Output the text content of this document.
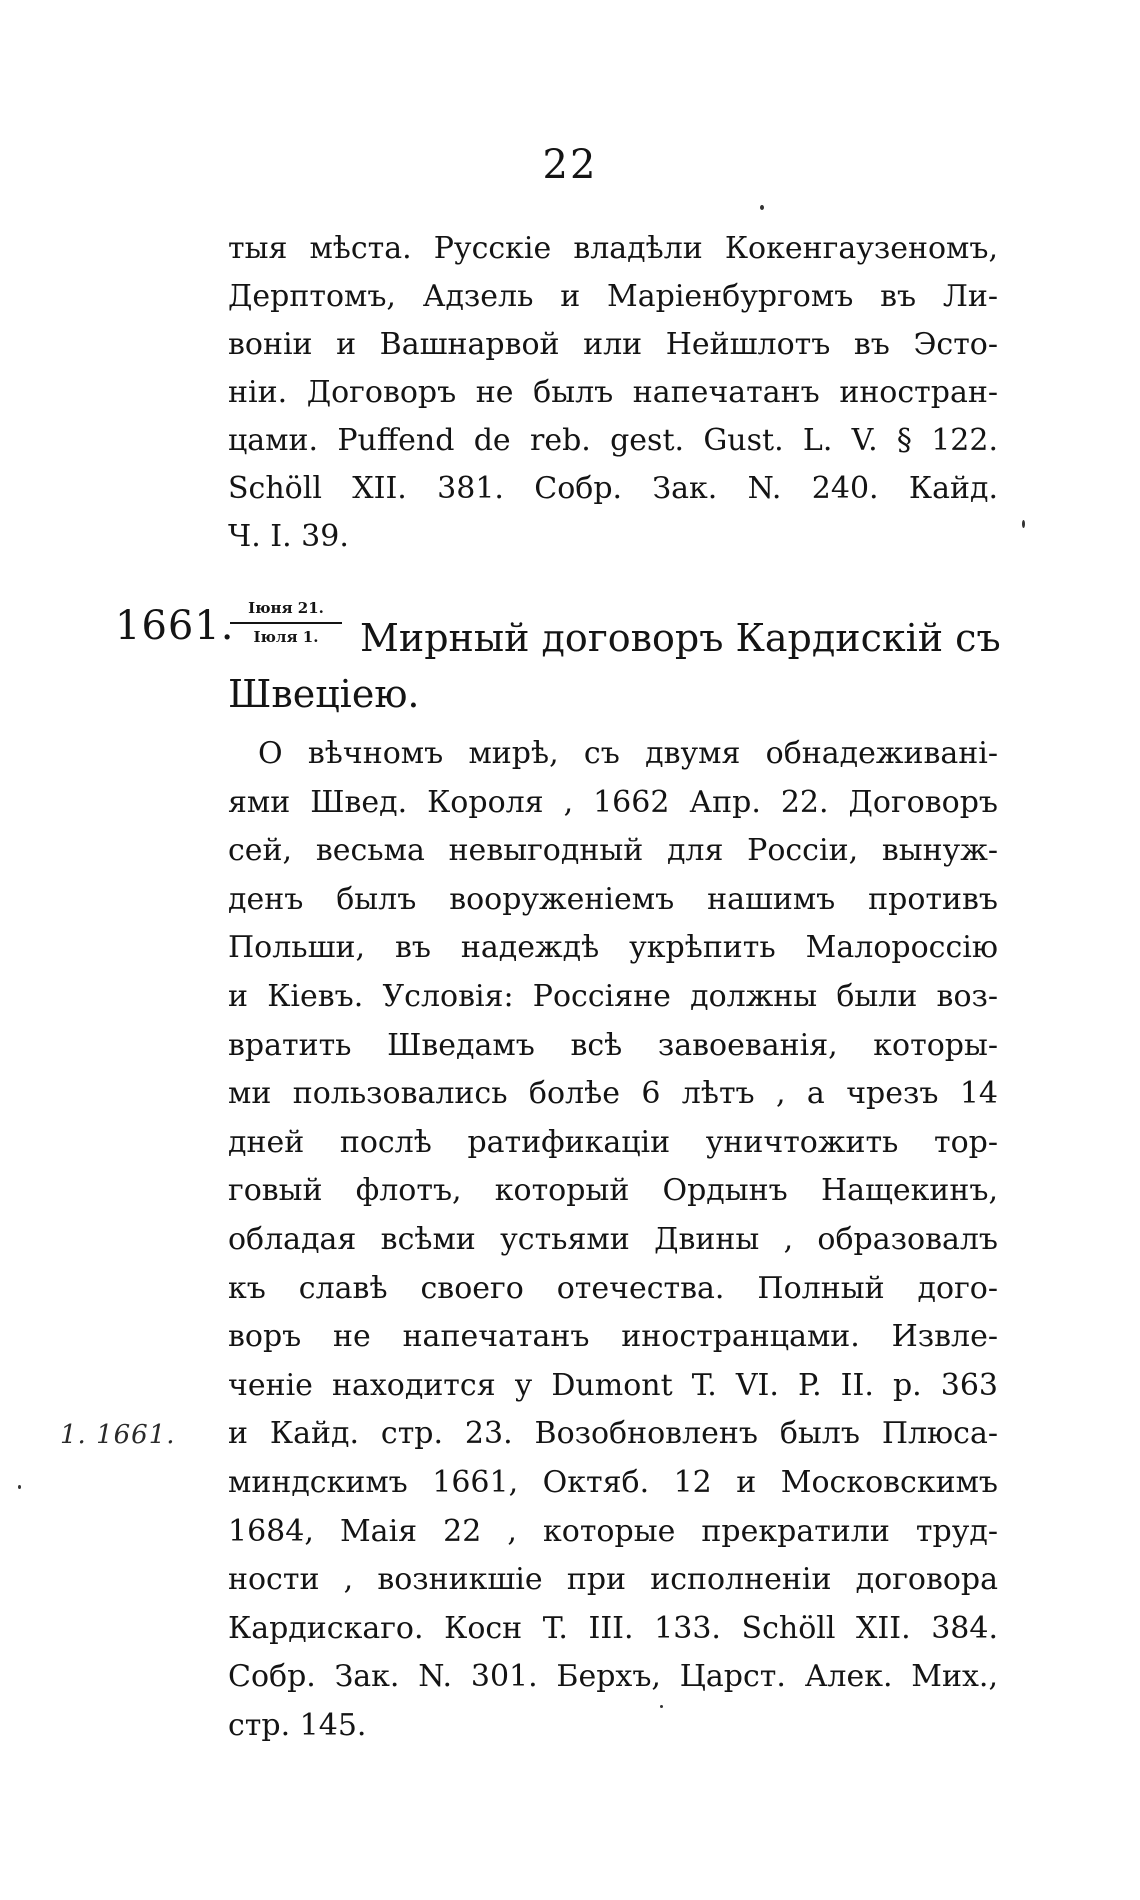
22
тыя мѣста. Русскіе владѣли Кокенгаузеномъ,
Дерптомъ, Адзель и Маріенбургомъ въ Ли-
воніи и Вашнарвой или Нейшлотъ въ Эсто-
ніи. Договоръ не былъ напечатанъ иностран-
цами. Puffend de reb. gest. Gust. L. V. § 122.
Schöll XII. 381. Собр. Зак. N. 240. Кайд.
Ч. I. 39.
1661. Іюня 21.
Іюля 1.	Мирный договоръ Кардискій съ
Швеціею.
О вѣчномъ мирѣ, съ двумя обнадеживані-
ями Швед. Короля , 1662 Апр. 22. Договоръ
сей, весьма невыгодный для Россіи, вынуж-
денъ былъ вооруженіемъ нашимъ противъ
Польши, въ надеждѣ укрѣпить Малороссію
и Кіевъ. Условія: Россіяне должны были воз-
вратить Шведамъ всѣ завоеванія, которы-
ми пользовались болѣе 6 лѣтъ , а чрезъ 14
дней послѣ ратификаціи уничтожить тор-
говый флотъ, который Ордынъ Нащекинъ,
обладая всѣми устьями Двины , образовалъ
къ славѣ своего отечества. Полный дого-
воръ не напечатанъ иностранцами. Извле-
ченіе находится у Dumont T. VI. P. II. p. 363
и Кайд. стр. 23. Возобновленъ былъ Плюса-
миндскимъ 1661, Октяб. 12 и Московскимъ
1684, Маія 22 , которые прекратили труд-
ности , возникшіе при исполненіи договора
Кардискаго. Косн T. III. 133. Schöll XII. 384.
Собр. Зак. N. 301. Берхъ, Царст. Алек. Мих.,
стр. 145.
1. 1661.
